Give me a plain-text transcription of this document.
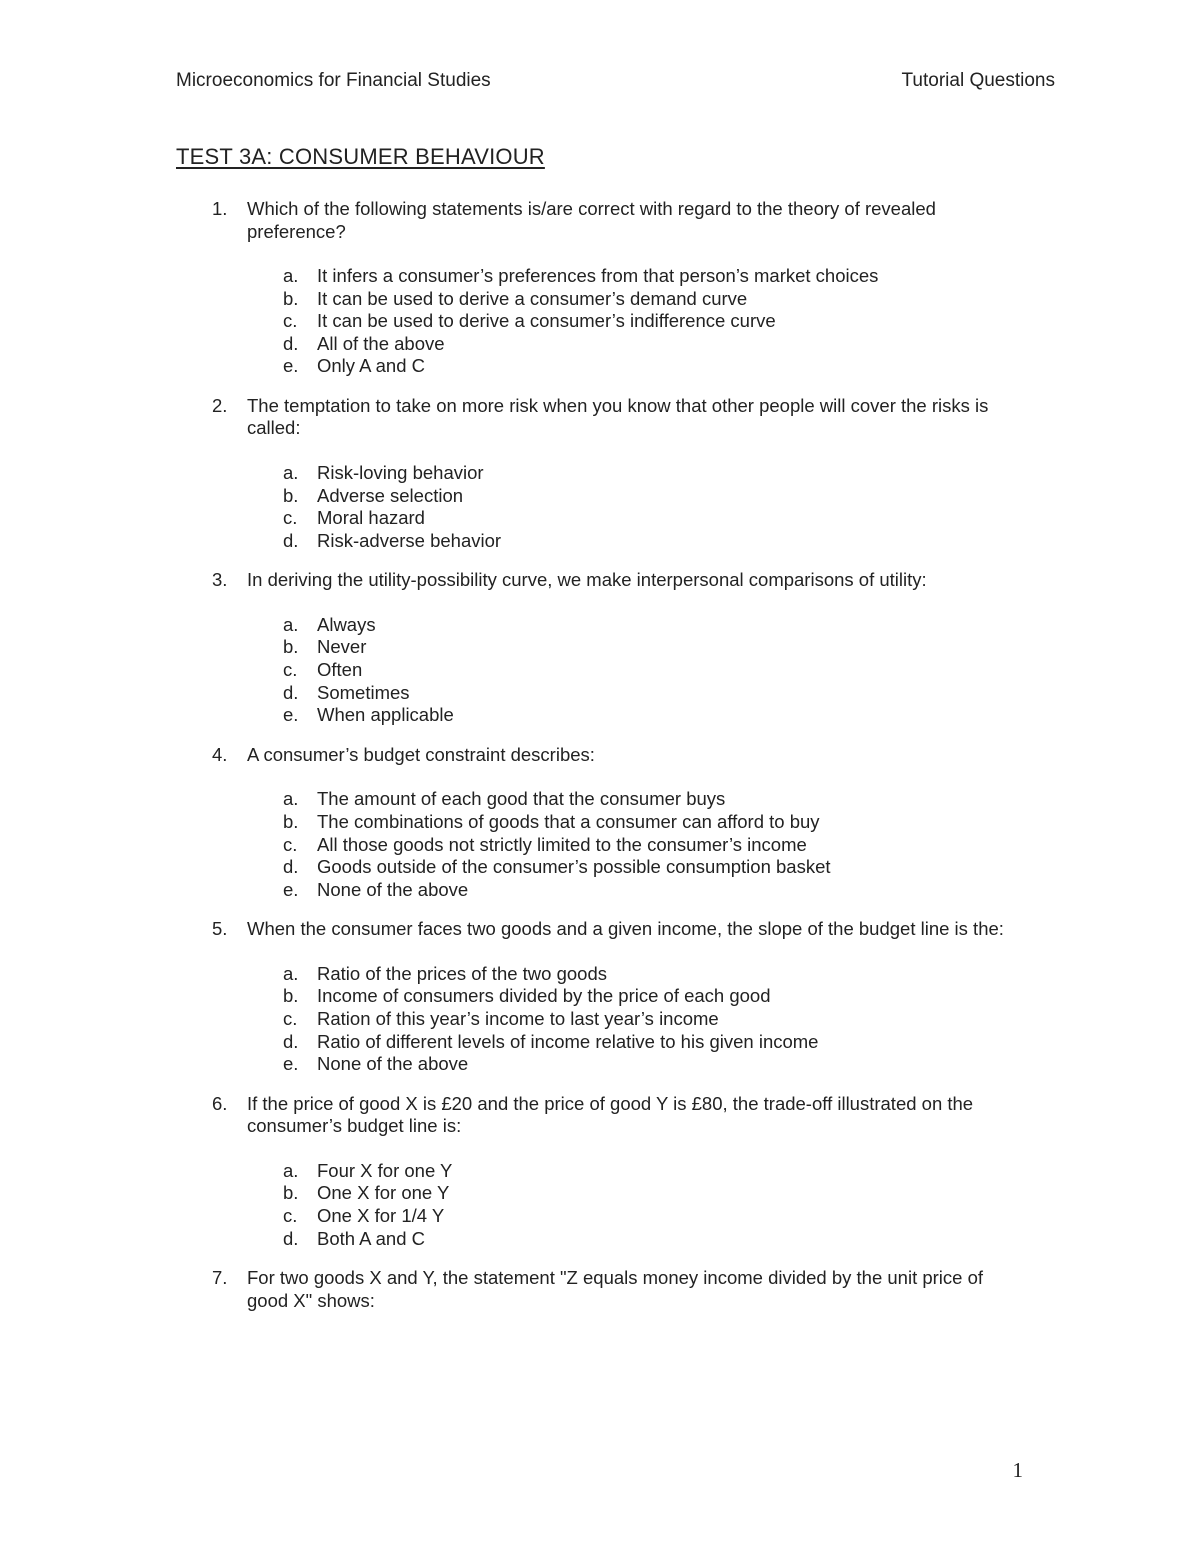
Microeconomics for Financial Studies	Tutorial Questions
TEST 3A: CONSUMER BEHAVIOUR
1. Which of the following statements is/are correct with regard to the theory of revealed preference?
a. It infers a consumer’s preferences from that person’s market choices
b. It can be used to derive a consumer’s demand curve
c. It can be used to derive a consumer’s indifference curve
d. All of the above
e. Only A and C
2. The temptation to take on more risk when you know that other people will cover the risks is called:
a. Risk-loving behavior
b. Adverse selection
c. Moral hazard
d. Risk-adverse behavior
3. In deriving the utility-possibility curve, we make interpersonal comparisons of utility:
a. Always
b. Never
c. Often
d. Sometimes
e. When applicable
4. A consumer’s budget constraint describes:
a. The amount of each good that the consumer buys
b. The combinations of goods that a consumer can afford to buy
c. All those goods not strictly limited to the consumer’s income
d. Goods outside of the consumer’s possible consumption basket
e. None of the above
5. When the consumer faces two goods and a given income, the slope of the budget line is the:
a. Ratio of the prices of the two goods
b. Income of consumers divided by the price of each good
c. Ration of this year’s income to last year’s income
d. Ratio of different levels of income relative to his given income
e. None of the above
6. If the price of good X is £20 and the price of good Y is £80, the trade-off illustrated on the consumer’s budget line is:
a. Four X for one Y
b. One X for one Y
c. One X for 1/4 Y
d. Both A and C
7. For two goods X and Y, the statement "Z equals money income divided by the unit price of good X" shows:
1
